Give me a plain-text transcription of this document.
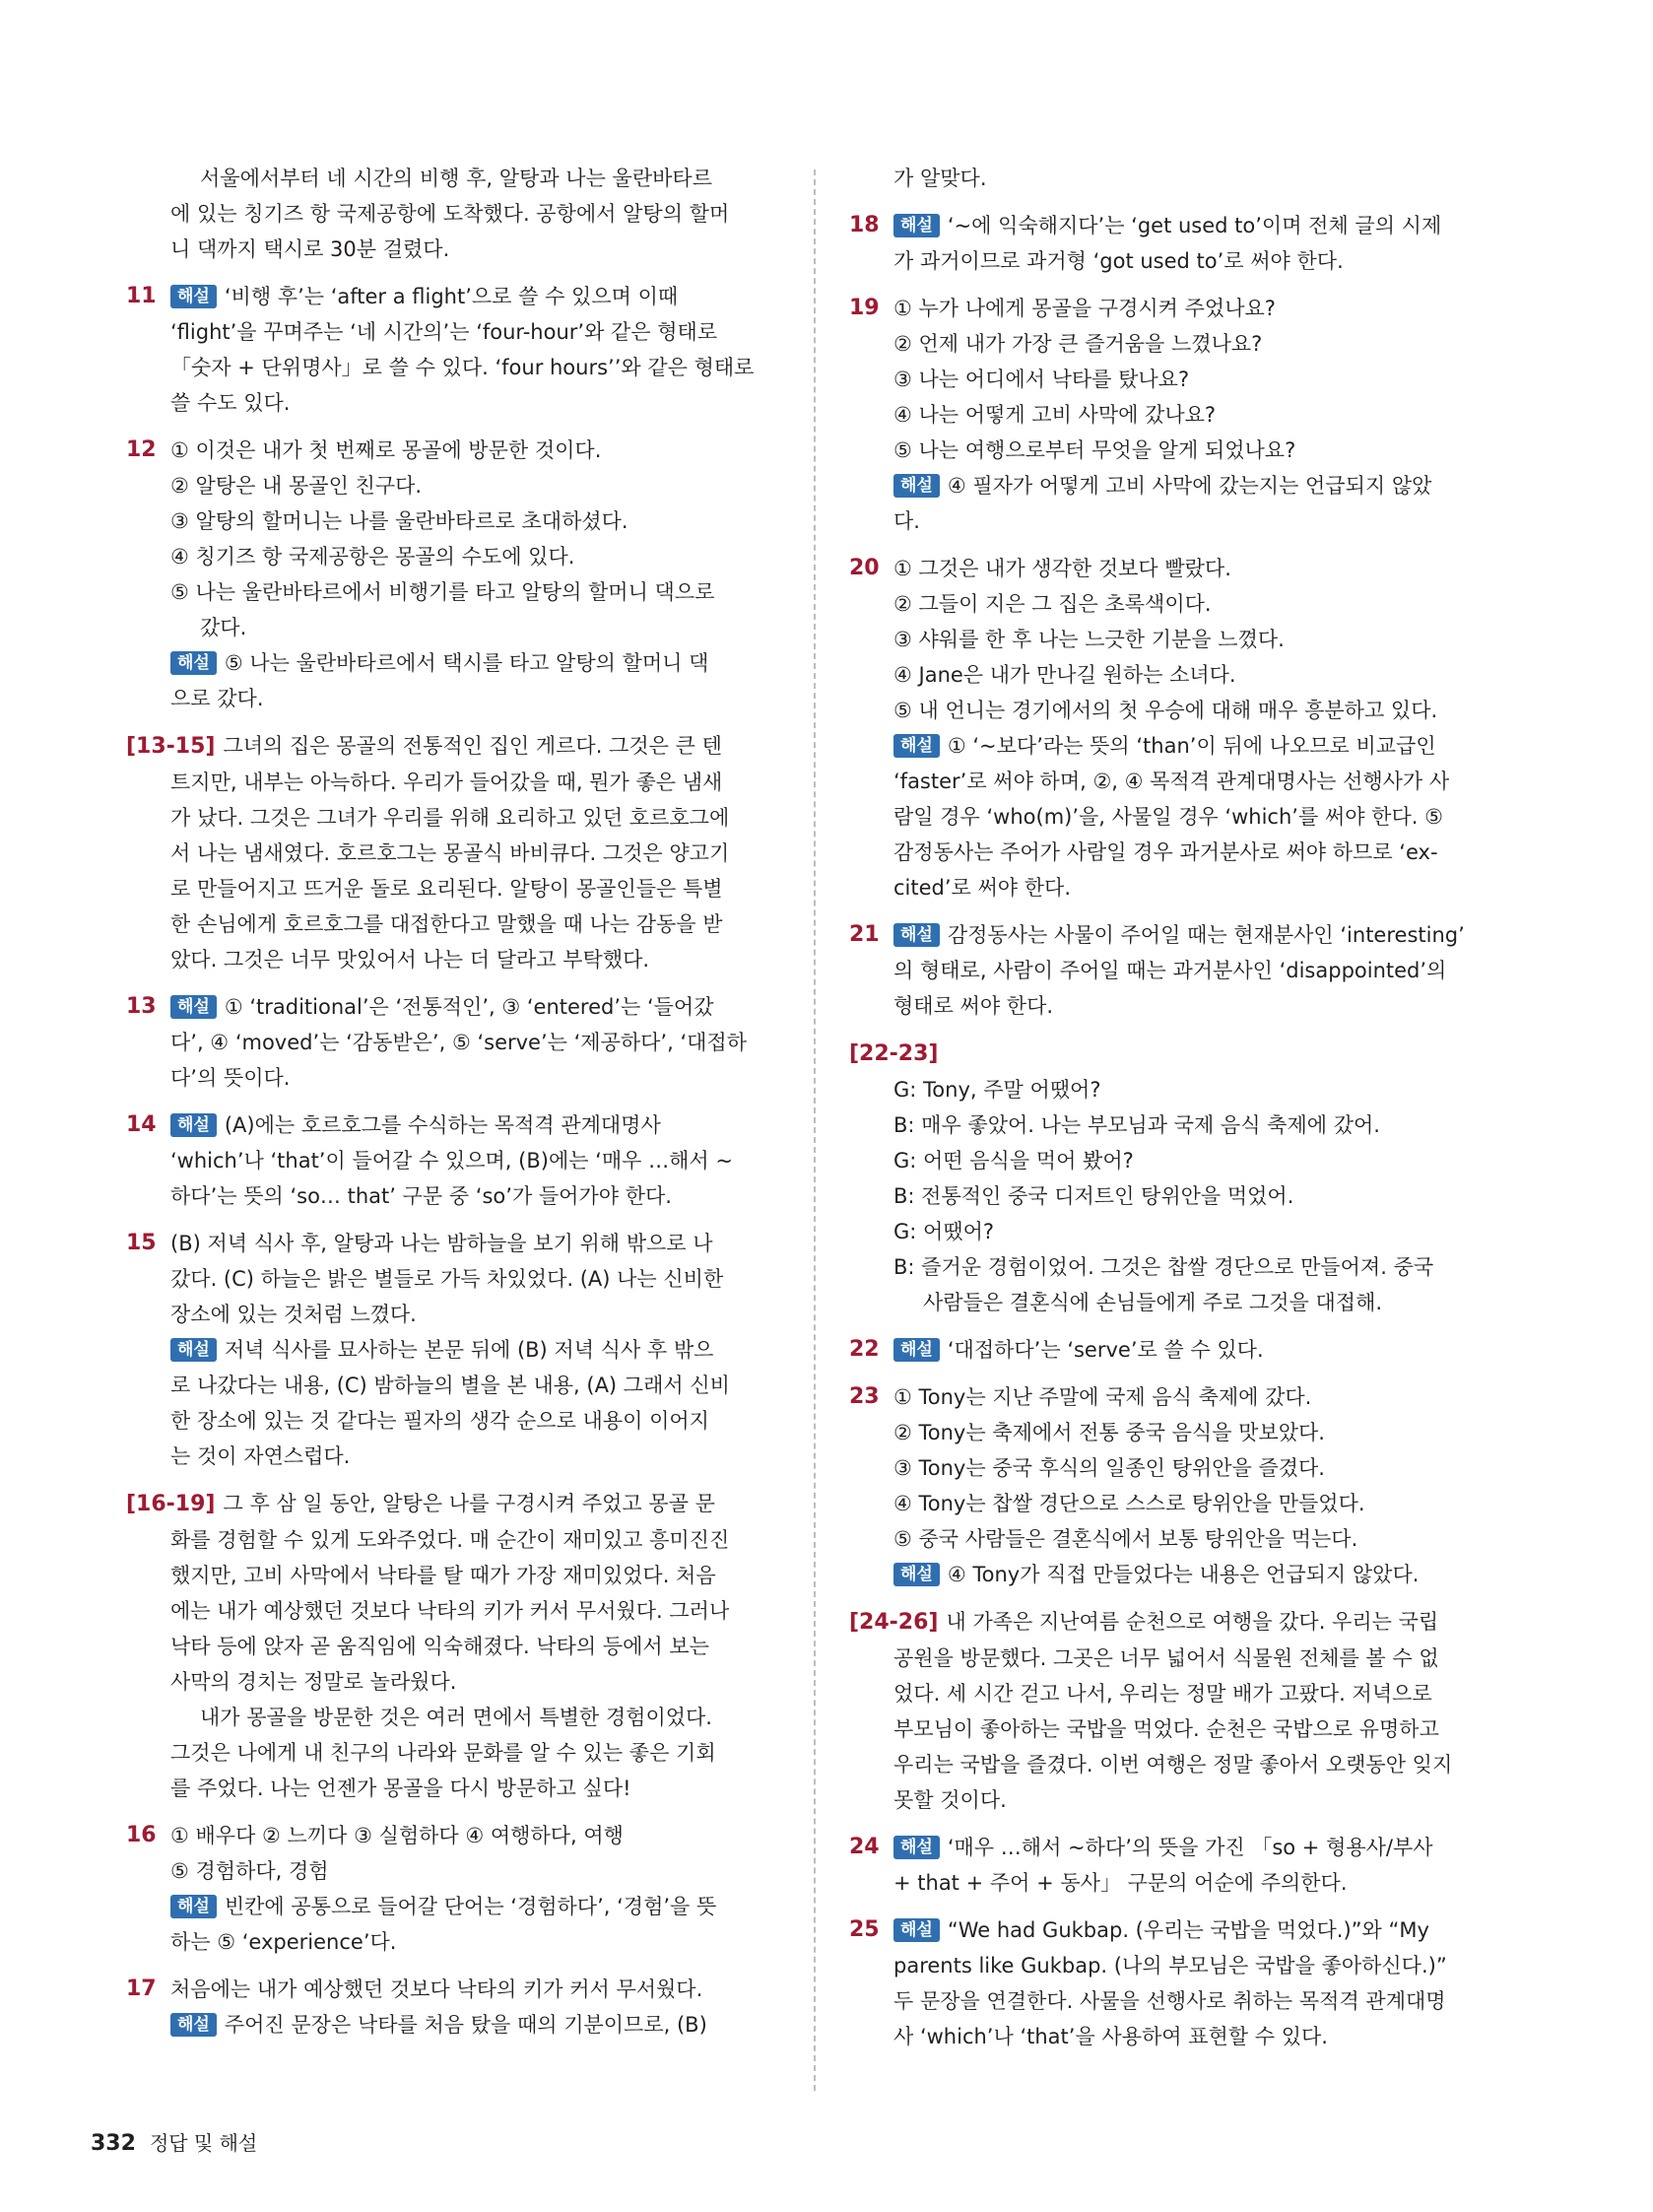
서울에서부터 네 시간의 비행 후, 알탕과 나는 울란바타르
에 있는 칭기즈 항 국제공항에 도착했다. 공항에서 알탕의 할머
니 댁까지 택시로 30분 걸렸다.
11	해설 ‘비행 후’는 ‘after a flight’으로 쓸 수 있으며 이때
‘flight’을 꾸며주는 ‘네 시간의’는 ‘four-hour’와 같은 형태로
「숫자 + 단위명사」로 쓸 수 있다. ‘four hours’’와 같은 형태로
쓸 수도 있다.
12 ① 이것은 내가 첫 번째로 몽골에 방문한 것이다.
② 알탕은 내 몽골인 친구다.
③ 알탕의 할머니는 나를 울란바타르로 초대하셨다.
④ 칭기즈 항 국제공항은 몽골의 수도에 있다.
⑤ 나는 울란바타르에서 비행기를 타고 알탕의 할머니 댁으로
갔다.
해설 ⑤ 나는 울란바타르에서 택시를 타고 알탕의 할머니 댁
으로 갔다.
[13-15] 그녀의 집은 몽골의 전통적인 집인 게르다. 그것은 큰 텐
트지만, 내부는 아늑하다. 우리가 들어갔을 때, 뭔가 좋은 냄새
가 났다. 그것은 그녀가 우리를 위해 요리하고 있던 호르호그에
서 나는 냄새였다. 호르호그는 몽골식 바비큐다. 그것은 양고기
로 만들어지고 뜨거운 돌로 요리된다. 알탕이 몽골인들은 특별
한 손님에게 호르호그를 대접한다고 말했을 때 나는 감동을 받
았다. 그것은 너무 맛있어서 나는 더 달라고 부탁했다.
13	해설 ① ‘traditional’은 ‘전통적인’, ③ ‘entered’는 ‘들어갔
다’, ④ ‘moved’는 ‘감동받은’, ⑤ ‘serve’는 ‘제공하다’, ‘대접하
다’의 뜻이다.
14	해설 (A)에는 호르호그를 수식하는 목적격 관계대명사
‘which’나 ‘that’이 들어갈 수 있으며, (B)에는 ‘매우 …해서 ~
하다’는 뜻의 ‘so… that’ 구문 중 ‘so’가 들어가야 한다.
15 (B) 저녁 식사 후, 알탕과 나는 밤하늘을 보기 위해 밖으로 나
갔다. (C) 하늘은 밝은 별들로 가득 차있었다. (A) 나는 신비한
장소에 있는 것처럼 느꼈다.
해설 저녁 식사를 묘사하는 본문 뒤에 (B) 저녁 식사 후 밖으
로 나갔다는 내용, (C) 밤하늘의 별을 본 내용, (A) 그래서 신비
한 장소에 있는 것 같다는 필자의 생각 순으로 내용이 이어지
는 것이 자연스럽다.
[16-19] 그 후 삼 일 동안, 알탕은 나를 구경시켜 주었고 몽골 문
화를 경험할 수 있게 도와주었다. 매 순간이 재미있고 흥미진진
했지만, 고비 사막에서 낙타를 탈 때가 가장 재미있었다. 처음
에는 내가 예상했던 것보다 낙타의 키가 커서 무서웠다. 그러나
낙타 등에 앉자 곧 움직임에 익숙해졌다. 낙타의 등에서 보는
사막의 경치는 정말로 놀라웠다.
내가 몽골을 방문한 것은 여러 면에서 특별한 경험이었다.
그것은 나에게 내 친구의 나라와 문화를 알 수 있는 좋은 기회
를 주었다. 나는 언젠가 몽골을 다시 방문하고 싶다!
16 ① 배우다 ② 느끼다 ③ 실험하다 ④ 여행하다, 여행
⑤ 경험하다, 경험
해설 빈칸에 공통으로 들어갈 단어는 ‘경험하다’, ‘경험’을 뜻
하는 ⑤ ‘experience’다.
17 처음에는 내가 예상했던 것보다 낙타의 키가 커서 무서웠다.
해설 주어진 문장은 낙타를 처음 탔을 때의 기분이므로, (B)
가 알맞다.
18	해설 ‘~에 익숙해지다’는 ‘get used to’이며 전체 글의 시제
가 과거이므로 과거형 ‘got used to’로 써야 한다.
19 ① 누가 나에게 몽골을 구경시켜 주었나요?
② 언제 내가 가장 큰 즐거움을 느꼈나요?
③ 나는 어디에서 낙타를 탔나요?
④ 나는 어떻게 고비 사막에 갔나요?
⑤ 나는 여행으로부터 무엇을 알게 되었나요?
해설 ④ 필자가 어떻게 고비 사막에 갔는지는 언급되지 않았
다.
20 ① 그것은 내가 생각한 것보다 빨랐다.
② 그들이 지은 그 집은 초록색이다.
③ 샤워를 한 후 나는 느긋한 기분을 느꼈다.
④ Jane은 내가 만나길 원하는 소녀다.
⑤ 내 언니는 경기에서의 첫 우승에 대해 매우 흥분하고 있다.
해설 ① ‘~보다’라는 뜻의 ‘than’이 뒤에 나오므로 비교급인
‘faster’로 써야 하며, ②, ④ 목적격 관계대명사는 선행사가 사
람일 경우 ‘who(m)’을, 사물일 경우 ‘which’를 써야 한다. ⑤
감정동사는 주어가 사람일 경우 과거분사로 써야 하므로 ‘ex-
cited’로 써야 한다.
21	해설 감정동사는 사물이 주어일 때는 현재분사인 ‘interesting’
의 형태로, 사람이 주어일 때는 과거분사인 ‘disappointed’의
형태로 써야 한다.
[22-23]
G: Tony, 주말 어땠어?
B: 매우 좋았어. 나는 부모님과 국제 음식 축제에 갔어.
G: 어떤 음식을 먹어 봤어?
B: 전통적인 중국 디저트인 탕위안을 먹었어.
G: 어땠어?
B: 즐거운 경험이었어. 그것은 찹쌀 경단으로 만들어져. 중국
사람들은 결혼식에 손님들에게 주로 그것을 대접해.
22	해설 ‘대접하다’는 ‘serve’로 쓸 수 있다.
23 ① Tony는 지난 주말에 국제 음식 축제에 갔다.
② Tony는 축제에서 전통 중국 음식을 맛보았다.
③ Tony는 중국 후식의 일종인 탕위안을 즐겼다.
④ Tony는 찹쌀 경단으로 스스로 탕위안을 만들었다.
⑤ 중국 사람들은 결혼식에서 보통 탕위안을 먹는다.
해설 ④ Tony가 직접 만들었다는 내용은 언급되지 않았다.
[24-26] 내 가족은 지난여름 순천으로 여행을 갔다. 우리는 국립
공원을 방문했다. 그곳은 너무 넓어서 식물원 전체를 볼 수 없
었다. 세 시간 걷고 나서, 우리는 정말 배가 고팠다. 저녁으로
부모님이 좋아하는 국밥을 먹었다. 순천은 국밥으로 유명하고
우리는 국밥을 즐겼다. 이번 여행은 정말 좋아서 오랫동안 잊지
못할 것이다.
24	해설 ‘매우 …해서 ~하다’의 뜻을 가진 「so + 형용사/부사
+ that + 주어 + 동사」 구문의 어순에 주의한다.
25	해설 “We had Gukbap. (우리는 국밥을 먹었다.)”와 “My
parents like Gukbap. (나의 부모님은 국밥을 좋아하신다.)”
두 문장을 연결한다. 사물을 선행사로 취하는 목적격 관계대명
사 ‘which’나 ‘that’을 사용하여 표현할 수 있다.
332 정답 및 해설
